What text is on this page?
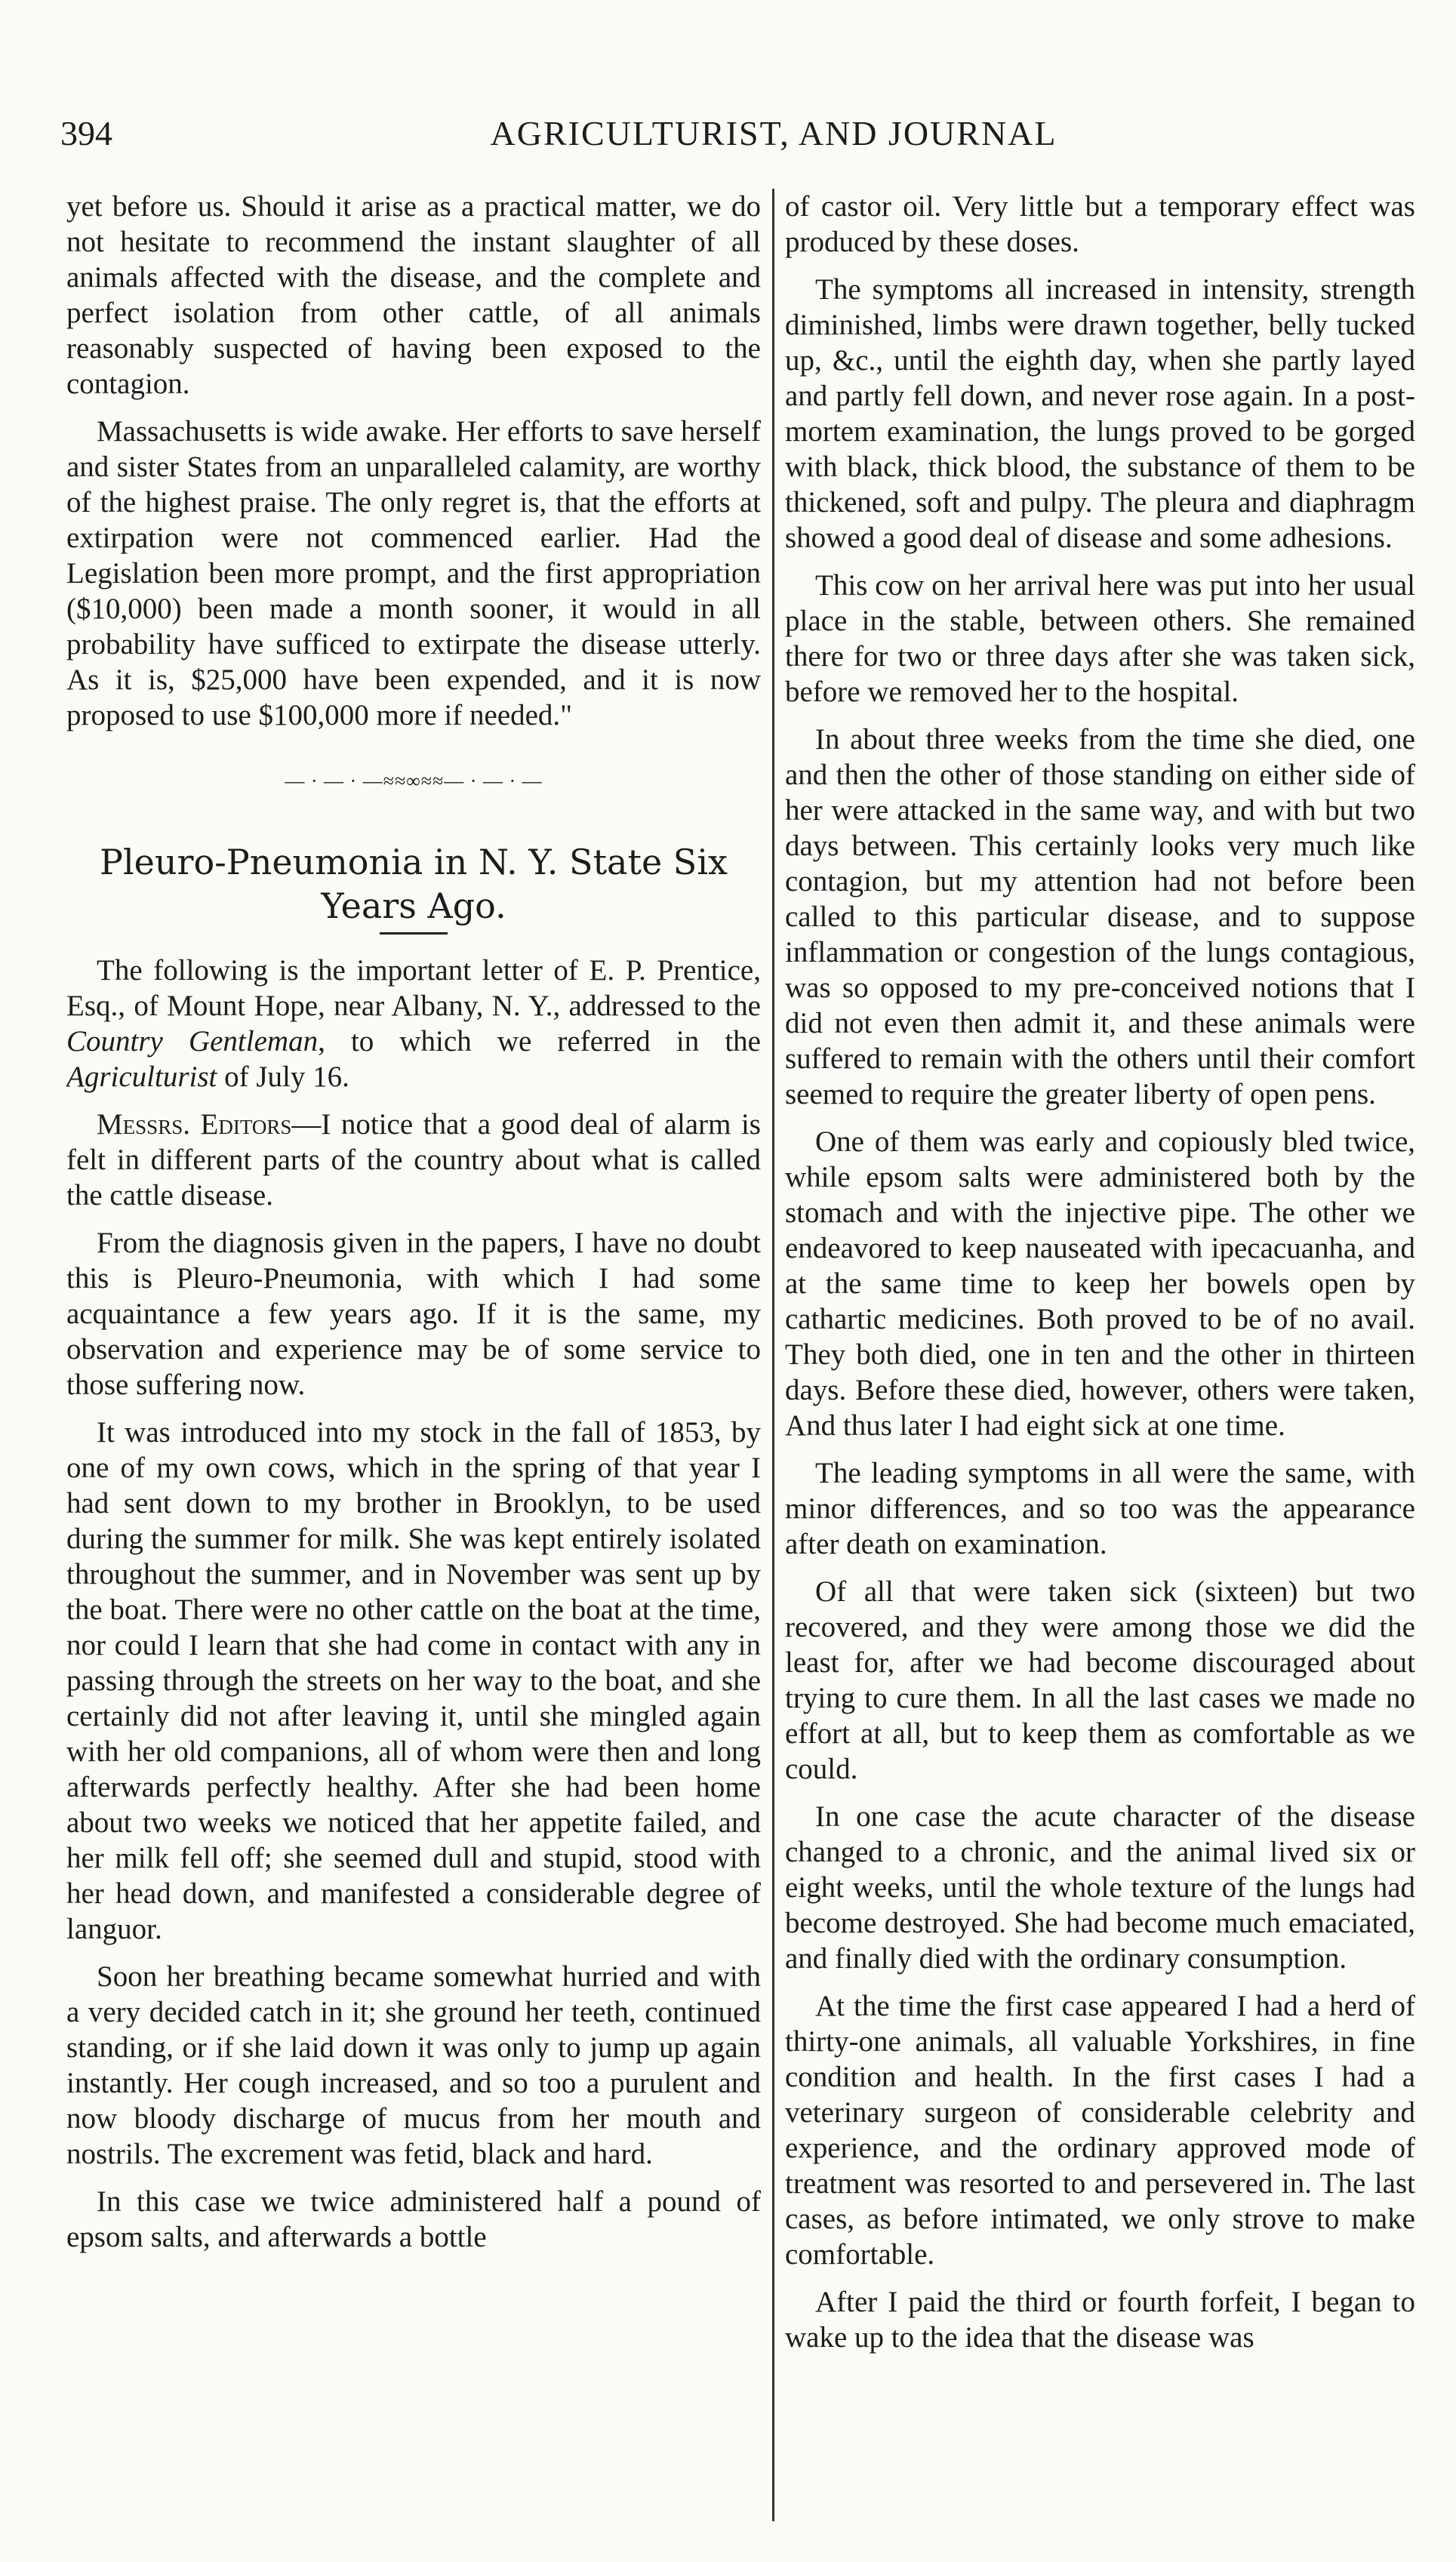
394	AGRICULTURIST, AND JOURNAL

yet before us. Should it arise as a practical matter, we do not hesitate to recommend the instant slaughter of all animals affected with the disease, and the complete and perfect isolation from other cattle, of all animals reasonably suspected of having been exposed to the contagion.

Massachusetts is wide awake. Her efforts to save herself and sister States from an unparalleled calamity, are worthy of the highest praise. The only regret is, that the efforts at extirpation were not commenced earlier. Had the Legislation been more prompt, and the first appropriation ($10,000) been made a month sooner, it would in all probability have sufficed to extirpate the disease utterly. As it is, $25,000 have been expended, and it is now proposed to use $100,000 more if needed."

— · — · —≈≈∞≈≈— · — · —
Pleuro-Pneumonia in N. Y. State Six Years Ago.

The following is the important letter of E. P. Prentice, Esq., of Mount Hope, near Albany, N. Y., addressed to the Country Gentleman, to which we referred in the Agriculturist of July 16.

Messrs. Editors—I notice that a good deal of alarm is felt in different parts of the country about what is called the cattle disease.

From the diagnosis given in the papers, I have no doubt this is Pleuro-Pneumonia, with which I had some acquaintance a few years ago. If it is the same, my observation and experience may be of some service to those suffering now.

It was introduced into my stock in the fall of 1853, by one of my own cows, which in the spring of that year I had sent down to my brother in Brooklyn, to be used during the summer for milk. She was kept entirely isolated throughout the summer, and in November was sent up by the boat. There were no other cattle on the boat at the time, nor could I learn that she had come in contact with any in passing through the streets on her way to the boat, and she certainly did not after leaving it, until she mingled again with her old companions, all of whom were then and long afterwards perfectly healthy. After she had been home about two weeks we noticed that her appetite failed, and her milk fell off; she seemed dull and stupid, stood with her head down, and manifested a considerable degree of languor.

Soon her breathing became somewhat hurried and with a very decided catch in it; she ground her teeth, continued standing, or if she laid down it was only to jump up again instantly. Her cough increased, and so too a purulent and now bloody discharge of mucus from her mouth and nostrils. The excrement was fetid, black and hard.

In this case we twice administered half a pound of epsom salts, and afterwards a bottle

of castor oil. Very little but a temporary effect was produced by these doses.

The symptoms all increased in intensity, strength diminished, limbs were drawn together, belly tucked up, &c., until the eighth day, when she partly layed and partly fell down, and never rose again. In a post-mortem examination, the lungs proved to be gorged with black, thick blood, the substance of them to be thickened, soft and pulpy. The pleura and diaphragm showed a good deal of disease and some adhesions.

This cow on her arrival here was put into her usual place in the stable, between others. She remained there for two or three days after she was taken sick, before we removed her to the hospital.

In about three weeks from the time she died, one and then the other of those standing on either side of her were attacked in the same way, and with but two days between. This certainly looks very much like contagion, but my attention had not before been called to this particular disease, and to suppose inflammation or congestion of the lungs contagious, was so opposed to my pre-conceived notions that I did not even then admit it, and these animals were suffered to remain with the others until their comfort seemed to require the greater liberty of open pens.

One of them was early and copiously bled twice, while epsom salts were administered both by the stomach and with the injective pipe. The other we endeavored to keep nauseated with ipecacuanha, and at the same time to keep her bowels open by cathartic medicines. Both proved to be of no avail. They both died, one in ten and the other in thirteen days. Before these died, however, others were taken, And thus later I had eight sick at one time.

The leading symptoms in all were the same, with minor differences, and so too was the appearance after death on examination.

Of all that were taken sick (sixteen) but two recovered, and they were among those we did the least for, after we had become discouraged about trying to cure them. In all the last cases we made no effort at all, but to keep them as comfortable as we could.

In one case the acute character of the disease changed to a chronic, and the animal lived six or eight weeks, until the whole texture of the lungs had become destroyed. She had become much emaciated, and finally died with the ordinary consumption.

At the time the first case appeared I had a herd of thirty-one animals, all valuable Yorkshires, in fine condition and health. In the first cases I had a veterinary surgeon of considerable celebrity and experience, and the ordinary approved mode of treatment was resorted to and persevered in. The last cases, as before intimated, we only strove to make comfortable.

After I paid the third or fourth forfeit, I began to wake up to the idea that the disease was
